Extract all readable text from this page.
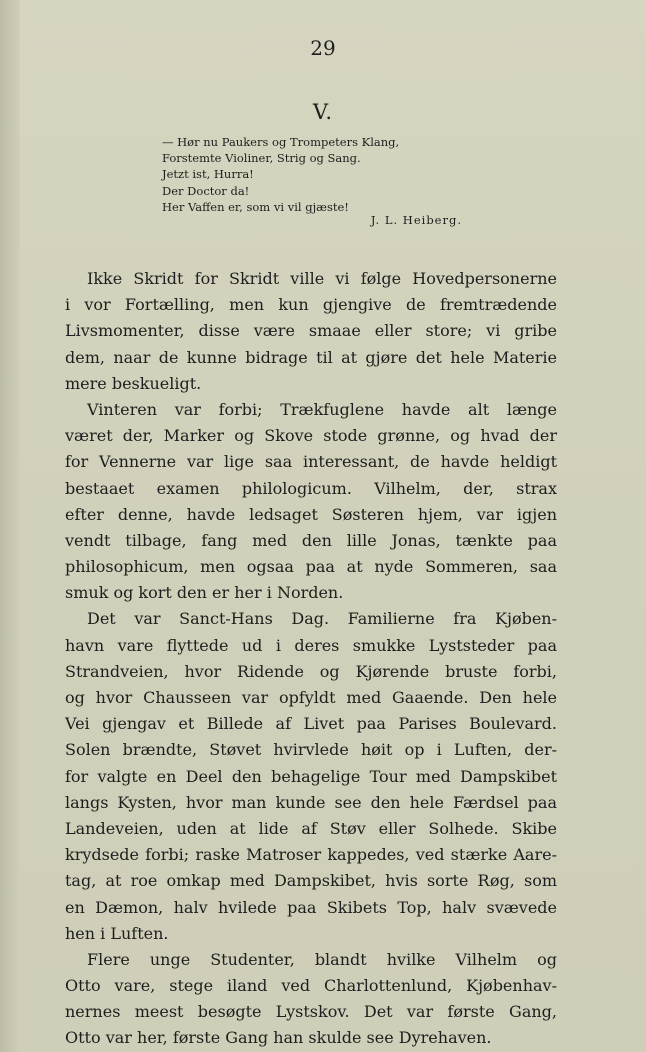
29
V.
— Hør nu Paukers og Trompeters Klang,
Forstemte Violiner, Strig og Sang.
Jetzt ist, Hurra!
Der Doctor da!
Her Vaffen er, som vi vil gjæste!
J. L. Heiberg.
Ikke Skridt for Skridt ville vi følge Hovedpersonerne
i vor Fortælling, men kun gjengive de fremtrædende
Livsmomenter, disse være smaae eller store; vi gribe
dem, naar de kunne bidrage til at gjøre det hele Materie
mere beskueligt.
Vinteren var forbi; Trækfuglene havde alt længe
været der, Marker og Skove stode grønne, og hvad der
for Vennerne var lige saa interessant, de havde heldigt
bestaaet examen philologicum. Vilhelm, der, strax
efter denne, havde ledsaget Søsteren hjem, var igjen
vendt tilbage, fang med den lille Jonas, tænkte paa
philosophicum, men ogsaa paa at nyde Sommeren, saa
smuk og kort den er her i Norden.
Det var Sanct-Hans Dag. Familierne fra Kjøben-
havn vare flyttede ud i deres smukke Lyststeder paa
Strandveien, hvor Ridende og Kjørende bruste forbi,
og hvor Chausseen var opfyldt med Gaaende. Den hele
Vei gjengav et Billede af Livet paa Parises Boulevard.
Solen brændte, Støvet hvirvlede høit op i Luften, der-
for valgte en Deel den behagelige Tour med Dampskibet
langs Kysten, hvor man kunde see den hele Færdsel paa
Landeveien, uden at lide af Støv eller Solhede. Skibe
krydsede forbi; raske Matroser kappedes, ved stærke Aare-
tag, at roe omkap med Dampskibet, hvis sorte Røg, som
en Dæmon, halv hvilede paa Skibets Top, halv svævede
hen i Luften.
Flere unge Studenter, blandt hvilke Vilhelm og
Otto vare, stege iland ved Charlottenlund, Kjøbenhav-
nernes meest besøgte Lystskov. Det var første Gang,
Otto var her, første Gang han skulde see Dyrehaven.
